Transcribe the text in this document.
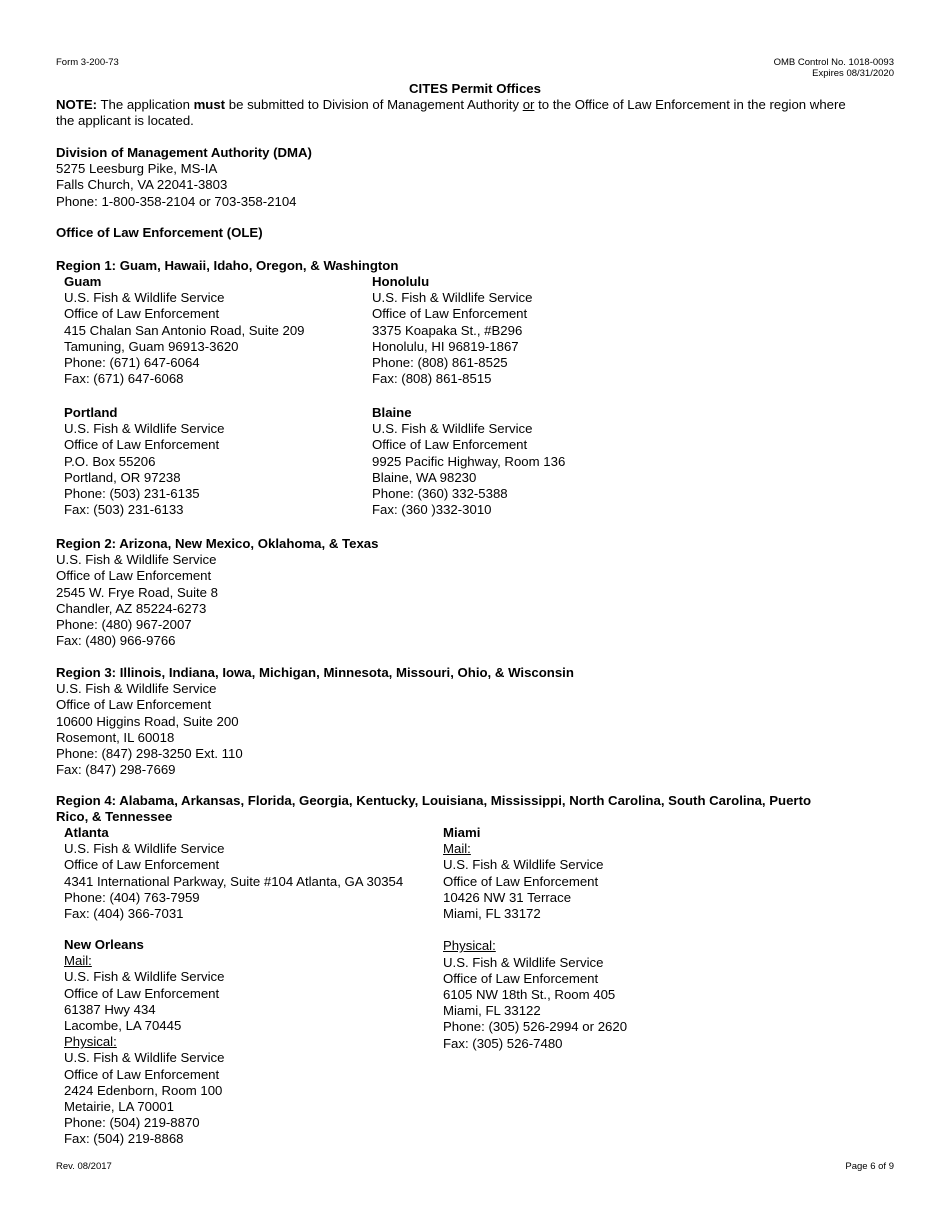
Form 3-200-73	OMB Control No. 1018-0093
Expires 08/31/2020
CITES Permit Offices
NOTE: The application must be submitted to Division of Management Authority or to the Office of Law Enforcement in the region where
the applicant is located.
Division of Management Authority (DMA)
5275 Leesburg Pike, MS-IA
Falls Church, VA 22041-3803
Phone: 1-800-358-2104 or 703-358-2104
Office of Law Enforcement (OLE)
Region 1: Guam, Hawaii, Idaho, Oregon, & Washington
Guam
U.S. Fish & Wildlife Service
Office of Law Enforcement
415 Chalan San Antonio Road, Suite 209
Tamuning, Guam 96913-3620
Phone: (671) 647-6064
Fax: (671) 647-6068
Honolulu
U.S. Fish & Wildlife Service
Office of Law Enforcement
3375 Koapaka St., #B296
Honolulu, HI 96819-1867
Phone: (808) 861-8525
Fax: (808) 861-8515
Portland
U.S. Fish & Wildlife Service
Office of Law Enforcement
P.O. Box 55206
Portland, OR 97238
Phone: (503) 231-6135
Fax: (503) 231-6133
Blaine
U.S. Fish & Wildlife Service
Office of Law Enforcement
9925 Pacific Highway, Room 136
Blaine, WA 98230
Phone: (360) 332-5388
Fax: (360 )332-3010
Region 2: Arizona, New Mexico, Oklahoma, & Texas
U.S. Fish & Wildlife Service
Office of Law Enforcement
2545 W. Frye Road, Suite 8
Chandler, AZ 85224-6273
Phone: (480) 967-2007
Fax: (480) 966-9766
Region 3: Illinois, Indiana, Iowa, Michigan, Minnesota, Missouri, Ohio, & Wisconsin
U.S. Fish & Wildlife Service
Office of Law Enforcement
10600 Higgins Road, Suite 200
Rosemont, IL 60018
Phone: (847) 298-3250 Ext. 110
Fax: (847) 298-7669
Region 4: Alabama, Arkansas, Florida, Georgia, Kentucky, Louisiana, Mississippi, North Carolina, South Carolina, Puerto
Rico, & Tennessee
Atlanta
U.S. Fish & Wildlife Service
Office of Law Enforcement
4341 International Parkway, Suite #104 Atlanta, GA 30354
Phone: (404) 763-7959
Fax: (404) 366-7031
Miami
Mail:
U.S. Fish & Wildlife Service
Office of Law Enforcement
10426 NW 31 Terrace
Miami, FL 33172

Physical:
U.S. Fish & Wildlife Service
Office of Law Enforcement
6105 NW 18th St., Room 405
Miami, FL 33122
Phone: (305) 526-2994 or 2620
Fax: (305) 526-7480
New Orleans
Mail:
U.S. Fish & Wildlife Service
Office of Law Enforcement
61387 Hwy 434
Lacombe, LA 70445
Physical:
U.S. Fish & Wildlife Service
Office of Law Enforcement
2424 Edenborn, Room 100
Metairie, LA 70001
Phone: (504) 219-8870
Fax: (504) 219-8868
Rev. 08/2017	Page 6 of 9
